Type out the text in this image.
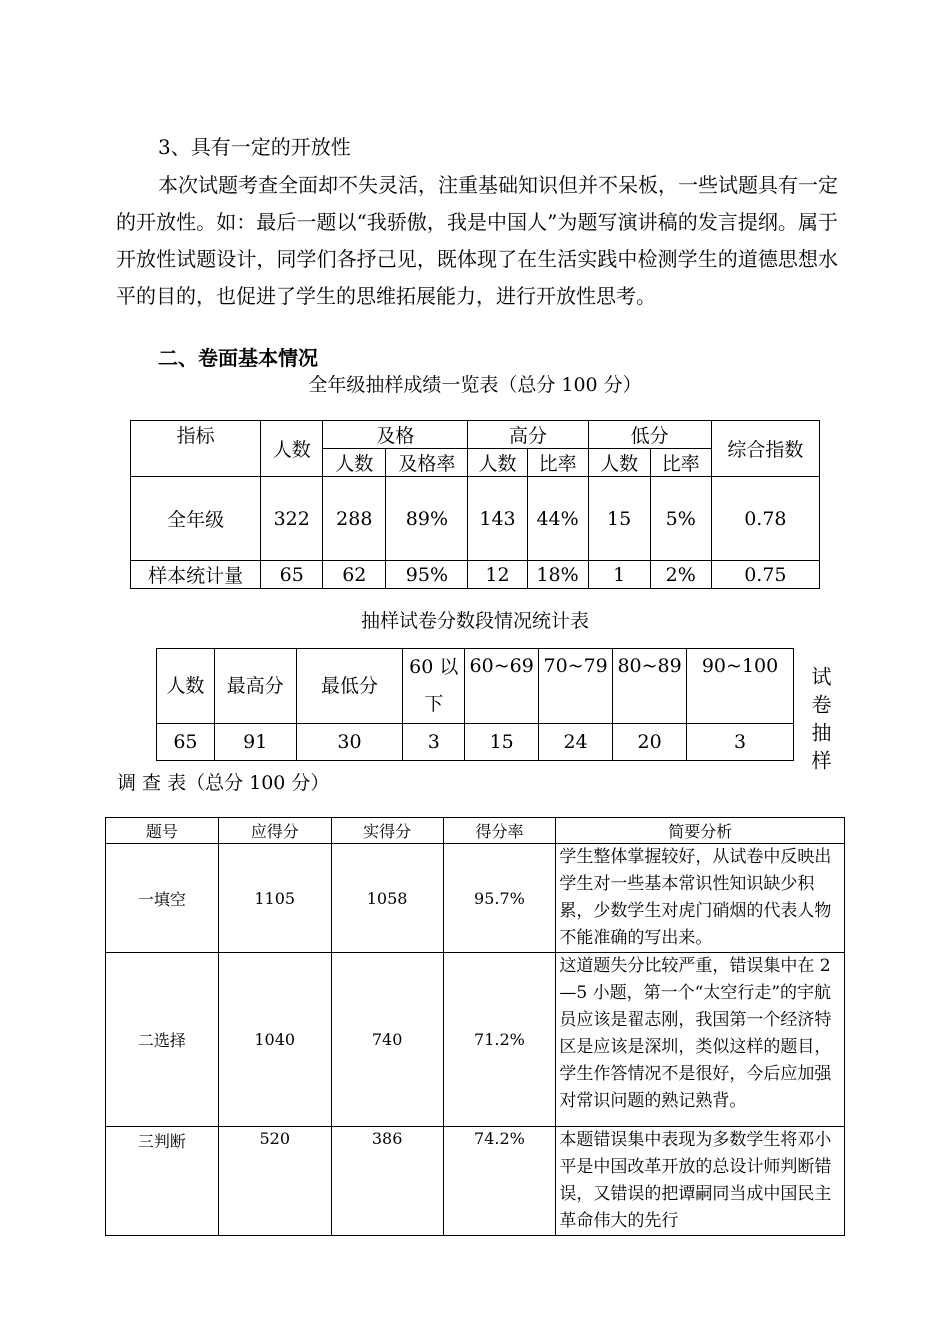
3、具有一定的开放性
本次试题考查全面却不失灵活，注重基础知识但并不呆板，一些试题具有一定的开放性。如：最后一题以“我骄傲，我是中国人”为题写演讲稿的发言提纲。属于开放性试题设计，同学们各抒己见，既体现了在生活实践中检测学生的道德思想水平的目的，也促进了学生的思维拓展能力，进行开放性思考。
二、卷面基本情况
全年级抽样成绩一览表（总分 100 分）
指标	人数	及格		高分		低分		综合指数
		人数	及格率	人数	比率	人数	比率	
全年级	322	288	89%	143	44%	15	5%	0.78
样本统计量	65	62	95%	12	18%	1	2%	0.75
抽样试卷分数段情况统计表
人数	最高分	最低分	60 以下	60~69	70~79	80~89	90~100
65	91	30	3	15	24	20	3	试卷抽样
调 查 表（总分 100 分）
题号	应得分	实得分	得分率	简要分析
一填空	1105	1058	95.7%	学生整体掌握较好，从试卷中反映出学生对一些基本常识性知识缺少积累，少数学生对虎门硝烟的代表人物不能准确的写出来。
二选择	1040	740	71.2%	这道题失分比较严重，错误集中在 2—5 小题，第一个“太空行走”的宇航员应该是翟志刚，我国第一个经济特区是应该是深圳，类似这样的题目，学生作答情况不是很好，今后应加强对常识问题的熟记熟背。
三判断	520	386	74.2%	本题错误集中表现为多数学生将邓小平是中国改革开放的总设计师判断错误，又错误的把谭嗣同当成中国民主革命伟大的先行
